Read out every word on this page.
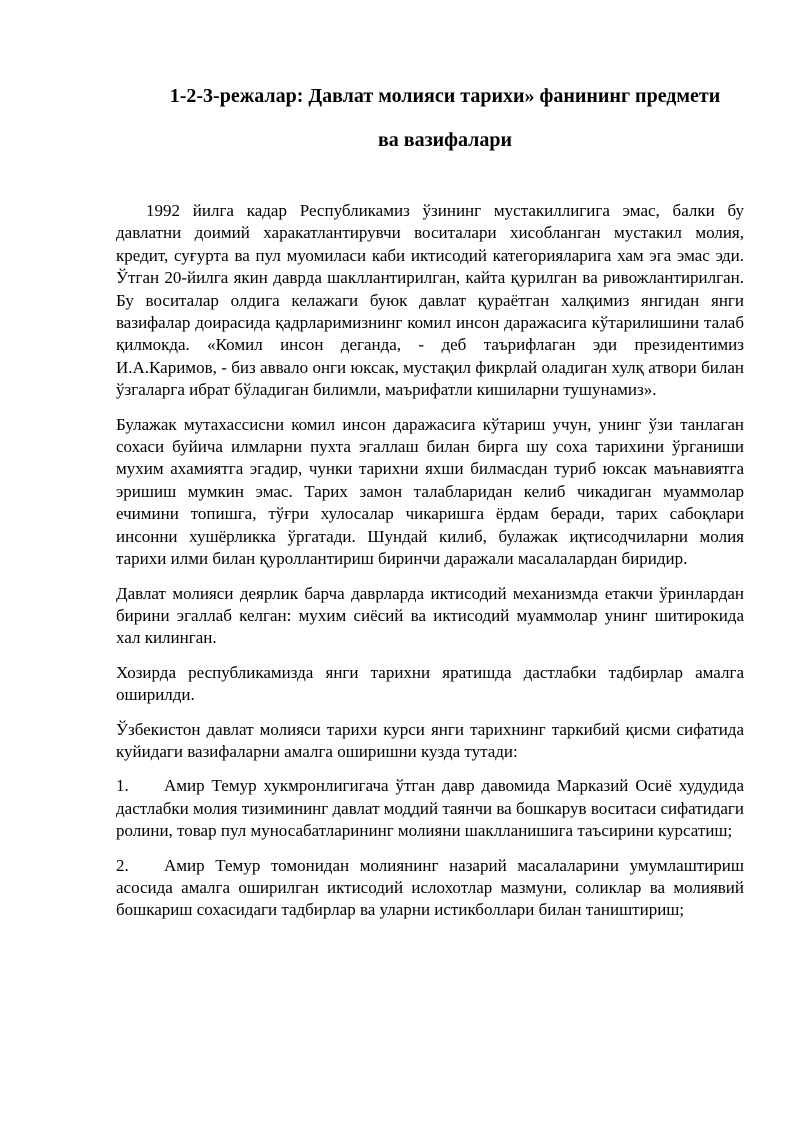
1-2-3-режалар: Давлат молияси тарихи» фанининг предмети
ва вазифалари

1992 йилга кадар Республикамиз ўзининг мустакиллигига эмас, балки бу давлатни доимий харакатлантирувчи воситалари хисобланган мустакил молия, кредит, суғурта ва пул муомиласи каби иктисодий категорияларига хам эга эмас эди. Ўтган 20-йилга якин даврда шакллантирилган, кайта қурилган ва ривожлантирилган. Бу воситалар олдига келажаги буюк давлат қураётган халқимиз янгидан янги вазифалар доирасида қадрларимизнинг комил инсон даражасига кўтарилишини талаб қилмокда. «Комил инсон деганда, - деб таърифлаган эди президентимиз И.А.Каримов, - биз аввало онги юксак, мустақил фикрлай оладиган хулқ атвори билан ўзгаларга ибрат бўладиган билимли, маърифатли кишиларни тушунамиз».

Булажак мутахассисни комил инсон даражасига кўтариш учун, унинг ўзи танлаган сохаси буйича илмларни пухта эгаллаш билан бирга шу соха тарихини ўрганиши мухим ахамиятга эгадир, чунки тарихни яхши билмасдан туриб юксак маънавиятга эришиш мумкин эмас. Тарих замон талабларидан келиб чикадиган муаммолар ечимини топишга, тўғри хулосалар чикаришга ёрдам беради, тарих сабоқлари инсонни хушёрликка ўргатади. Шундай килиб, булажак иқтисодчиларни молия тарихи илми билан қуроллантириш биринчи даражали масалалардан биридир.

Давлат молияси деярлик барча даврларда иктисодий механизмда етакчи ўринлардан бирини эгаллаб келган: мухим сиёсий ва иктисодий муаммолар унинг шитирокида хал килинган.

Хозирда республикамизда янги тарихни яратишда дастлабки тадбирлар амалга оширилди.

Ўзбекистон давлат молияси тарихи курси янги тарихнинг таркибий қисми сифатида куйидаги вазифаларни амалга оширишни кузда тутади:

1. Амир Темур хукмронлигигача ўтган давр давомида Марказий Осиё худудида дастлабки молия тизимининг давлат моддий таянчи ва бошкарув воситаси сифатидаги ролини, товар пул муносабатларининг молияни шаклланишига таъсирини курсатиш;

2. Амир Темур томонидан молиянинг назарий масалаларини умумлаштириш асосида амалга оширилган иктисодий ислохотлар мазмуни, соликлар ва молиявий бошкариш сохасидаги тадбирлар ва уларни истикболлари билан таништириш;
